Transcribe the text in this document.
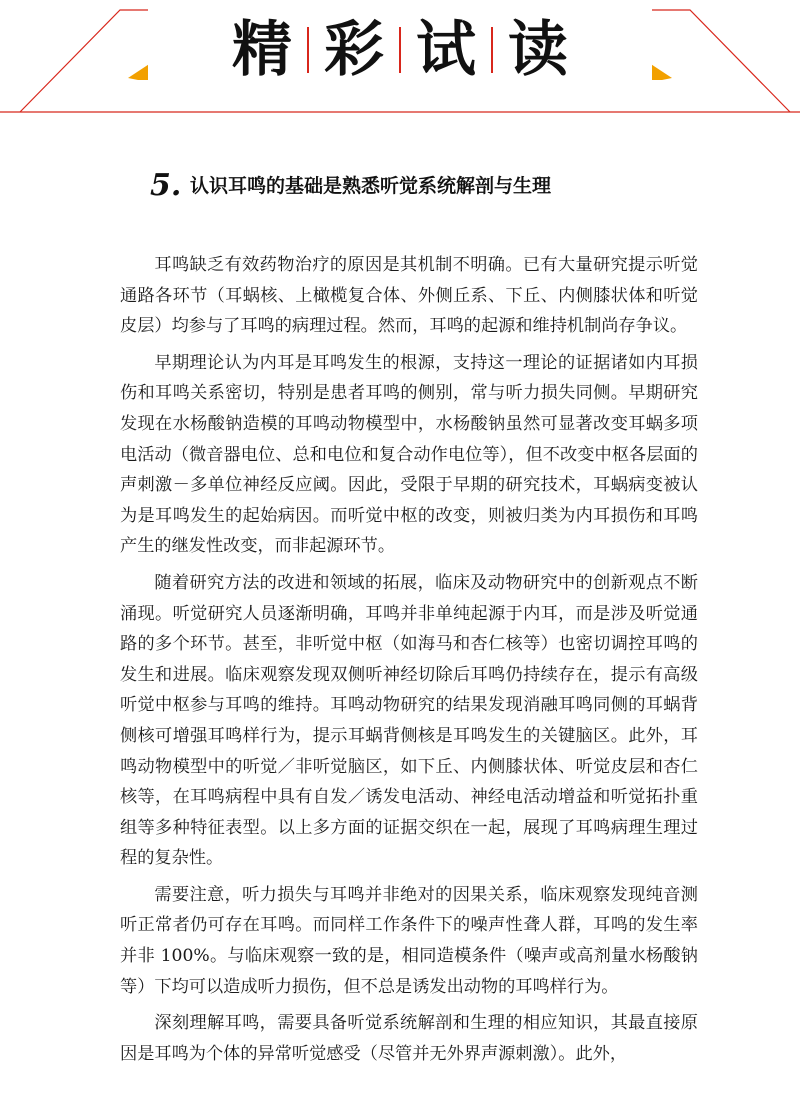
精 彩 试 读
5. 认识耳鸣的基础是熟悉听觉系统解剖与生理

耳鸣缺乏有效药物治疗的原因是其机制不明确。已有大量研究提示听觉通路各环节（耳蜗核、上橄榄复合体、外侧丘系、下丘、内侧膝状体和听觉皮层）均参与了耳鸣的病理过程。然而，耳鸣的起源和维持机制尚存争议。

早期理论认为内耳是耳鸣发生的根源，支持这一理论的证据诸如内耳损伤和耳鸣关系密切，特别是患者耳鸣的侧别，常与听力损失同侧。早期研究发现在水杨酸钠造模的耳鸣动物模型中，水杨酸钠虽然可显著改变耳蜗多项电活动（微音器电位、总和电位和复合动作电位等），但不改变中枢各层面的声刺激－多单位神经反应阈。因此，受限于早期的研究技术，耳蜗病变被认为是耳鸣发生的起始病因。而听觉中枢的改变，则被归类为内耳损伤和耳鸣产生的继发性改变，而非起源环节。

随着研究方法的改进和领域的拓展，临床及动物研究中的创新观点不断涌现。听觉研究人员逐渐明确，耳鸣并非单纯起源于内耳，而是涉及听觉通路的多个环节。甚至，非听觉中枢（如海马和杏仁核等）也密切调控耳鸣的发生和进展。临床观察发现双侧听神经切除后耳鸣仍持续存在，提示有高级听觉中枢参与耳鸣的维持。耳鸣动物研究的结果发现消融耳鸣同侧的耳蜗背侧核可增强耳鸣样行为，提示耳蜗背侧核是耳鸣发生的关键脑区。此外，耳鸣动物模型中的听觉／非听觉脑区，如下丘、内侧膝状体、听觉皮层和杏仁核等，在耳鸣病程中具有自发／诱发电活动、神经电活动增益和听觉拓扑重组等多种特征表型。以上多方面的证据交织在一起，展现了耳鸣病理生理过程的复杂性。

需要注意，听力损失与耳鸣并非绝对的因果关系，临床观察发现纯音测听正常者仍可存在耳鸣。而同样工作条件下的噪声性聋人群，耳鸣的发生率并非 100%。与临床观察一致的是，相同造模条件（噪声或高剂量水杨酸钠等）下均可以造成听力损伤，但不总是诱发出动物的耳鸣样行为。

深刻理解耳鸣，需要具备听觉系统解剖和生理的相应知识，其最直接原因是耳鸣为个体的异常听觉感受（尽管并无外界声源刺激）。此外，
